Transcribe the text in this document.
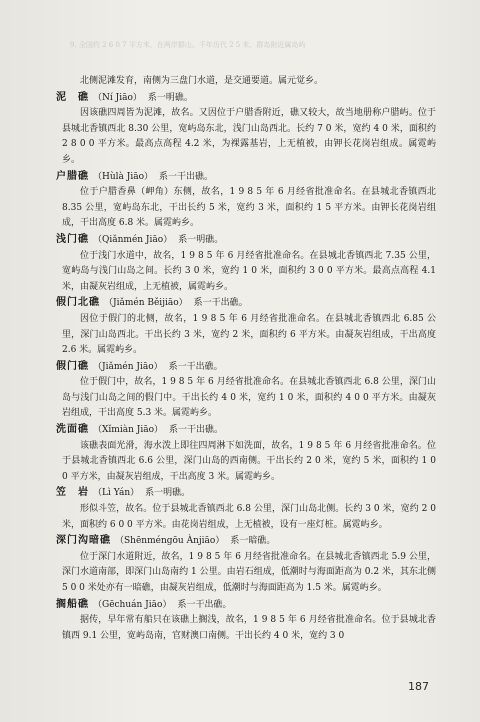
9. 全国约 2 6 0 7 平方米，在两岸群山。千年历代 2 5 米，群岛附近属岛屿
北侧泥滩发育，南侧为三盘门水道，是交通要道。属元觉乡。
泥　礁 （Ní Jiāo） 系一明礁。
因该礁四周皆为泥滩，故名。又因位于户腊香附近，礁又较大，故当地册称户腊屿。位于县城北香镇西北 8.30 公里，宽屿岛东北，浅门山岛西北。长约 7 0 米，宽约 4 0 米，面积约 2 8 0 0 平方米。最高点高程 4.2 米，为裸露基岩，上无植被，由钾长花岗岩组成。属霓屿乡。
户腊礁 （Hùlà Jiāo） 系一干出礁。
位于户腊香鼻（岬角）东侧，故名，1 9 8 5 年 6 月经省批准命名。在县城北香镇西北 8.35 公里，宽屿岛东北，干出长约 5 米，宽约 3 米，面积约 1 5 平方米。由钾长花岗岩组成，干出高度 6.8 米。属霓屿乡。
浅门礁 （Qiǎnmén Jiāo） 系一明礁。
位于浅门水道中，故名，1 9 8 5 年 6 月经省批准命名。在县城北香镇西北 7.35 公里，宽屿岛与浅门山岛之间。长约 3 0 米，宽约 1 0 米，面积约 3 0 0 平方米。最高点高程 4.1 米，由凝灰岩组成，上无植被，属霓屿乡。
假门北礁 （Jiǎmén Běijiāo） 系一干出礁。
因位于假门的北侧，故名，1 9 8 5 年 6 月经省批准命名。在县城北香镇西北 6.85 公里，深门山岛西北。干出长约 3 米，宽约 2 米，面积约 6 平方米。由凝灰岩组成，干出高度 2.6 米。属霓屿乡。
假门礁 （Jiǎmén Jiāo） 系一干出礁。
位于假门中，故名，1 9 8 5 年 6 月经省批准命名。在县城北香镇西北 6.8 公里，深门山岛与浅门山岛之间的假门中。干出长约 4 0 米，宽约 1 0 米，面积约 4 0 0 平方米。由凝灰岩组成，干出高度 5.3 米。属霓屿乡。
洗面礁 （Xǐmiàn Jiāo） 系一干出礁。
该礁表面光滑，海水泼上即往四周淋下如洗面，故名，1 9 8 5 年 6 月经省批准命名。位于县城北香镇西北 6.6 公里，深门山岛的西南侧。干出长约 2 0 米，宽约 5 米，面积约 1 0 0 平方米，由凝灰岩组成，干出高度 3 米。属霓屿乡。
笠　岩 （Lì Yán） 系一明礁。
形似斗笠，故名。位于县城北香镇西北 6.8 公里，深门山岛北侧。长约 3 0 米，宽约 2 0 米，面积约 6 0 0 平方米。由花岗岩组成，上无植被，设有一座灯桩。属霓屿乡。
深门沟暗礁 （Shēnméngōu Ànjiāo） 系一暗礁。
位于深门水道附近，故名，1 9 8 5 年 6 月经省批准命名。在县城北香镇西北 5.9 公里，深门水道南部，即深门山岛南约 1 公里。由岩石组成，低潮时与海面距高为 0.2 米，其东北侧 5 0 0 米处亦有一暗礁，由凝灰岩组成，低潮时与海面距高为 1.5 米。属霓屿乡。
搁船礁 （Gēchuán Jiāo） 系一干出礁。
据传，早年常有船只在该礁上搁浅，故名，1 9 8 5 年 6 月经省批准命名。位于县城北香镇西 9.1 公里，宽屿岛南，官财澳口南侧。干出长约 4 0 米，宽约 3 0
187
